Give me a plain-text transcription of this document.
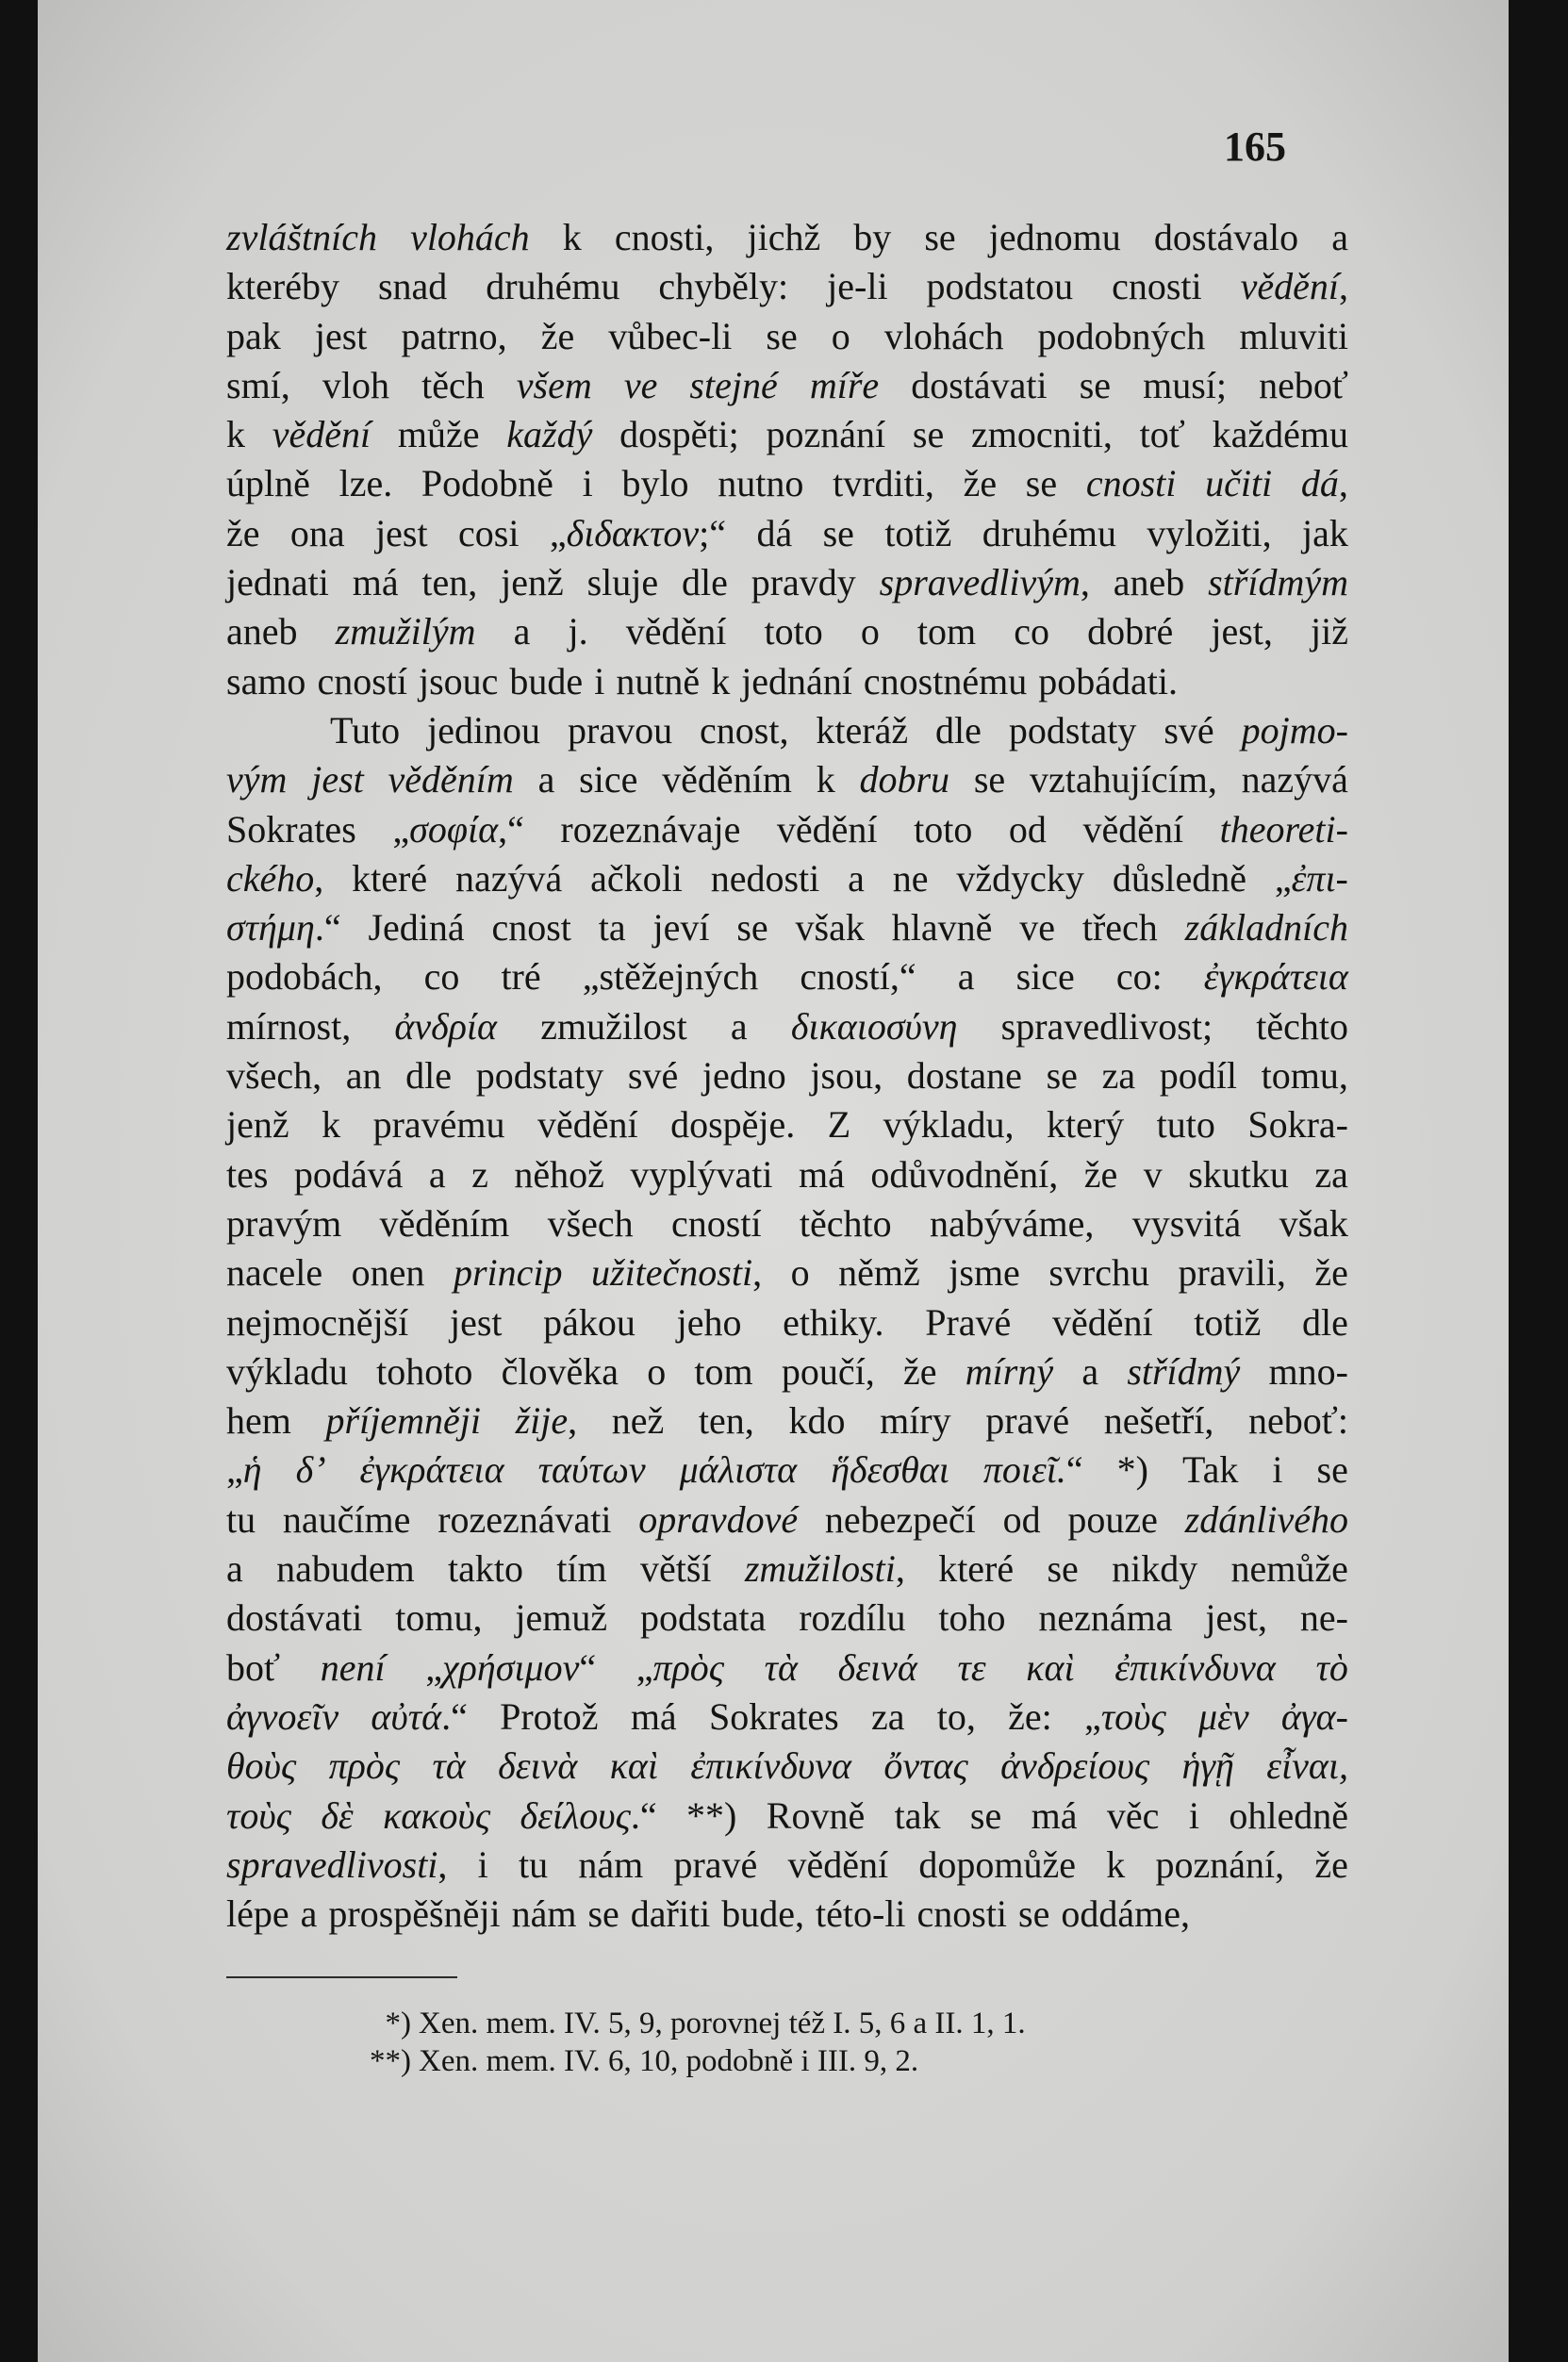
165
zvláštních vlohách k cnosti, jichž by se jednomu dostávalo a
kteréby snad druhému chyběly: je-li podstatou cnosti vědění,
pak jest patrno, že vůbec-li se o vlohách podobných mluviti
smí, vloh těch všem ve stejné míře dostávati se musí; neboť
k vědění může každý dospěti; poznání se zmocniti, toť každému
úplně lze. Podobně i bylo nutno tvrditi, že se cnosti učiti dá,
že ona jest cosi „διδακτον;“ dá se totiž druhému vyložiti, jak
jednati má ten, jenž sluje dle pravdy spravedlivým, aneb střídmým
aneb zmužilým a j. vědění toto o tom co dobré jest, již
samo cností jsouc bude i nutně k jednání cnostnému pobádati.
Tuto jedinou pravou cnost, kteráž dle podstaty své pojmo-
vým jest věděním a sice věděním k dobru se vztahujícím, nazývá
Sokrates „σοφία,“ rozeznávaje vědění toto od vědění theoreti-
ckého, které nazývá ačkoli nedosti a ne vždycky důsledně „ἐπι-
στήμη.“ Jediná cnost ta jeví se však hlavně ve třech základních
podobách, co tré „stěžejných cností,“ a sice co: ἐγκράτεια
mírnost, ἀνδρία zmužilost a δικαιοσύνη spravedlivost; těchto
všech, an dle podstaty své jedno jsou, dostane se za podíl tomu,
jenž k pravému vědění dospěje. Z výkladu, který tuto Sokra-
tes podává a z něhož vyplývati má odůvodnění, že v skutku za
pravým věděním všech cností těchto nabýváme, vysvitá však
nacele onen princip užitečnosti, o němž jsme svrchu pravili, že
nejmocnější jest pákou jeho ethiky. Pravé vědění totiž dle
výkladu tohoto člověka o tom poučí, že mírný a střídmý mno-
hem příjemněji žije, než ten, kdo míry pravé nešetří, neboť:
„ἡ δ’ ἐγκράτεια ταύτων μάλιστα ἥδεσθαι ποιεῖ.“ *) Tak i se
tu naučíme rozeznávati opravdové nebezpečí od pouze zdánlivého
a nabudem takto tím větší zmužilosti, které se nikdy nemůže
dostávati tomu, jemuž podstata rozdílu toho neznáma jest, ne-
boť není „χρήσιμον“ „πρὸς τὰ δεινά τε καὶ ἐπικίνδυνα τὸ
ἀγνοεῖν αὐτά.“ Protož má Sokrates za to, že: „τοὺς μὲν ἀγα-
θοὺς πρὸς τὰ δεινὰ καὶ ἐπικίνδυνα ὄντας ἀνδρείους ἡγῇ εἶναι,
τοὺς δὲ κακοὺς δείλους.“ **) Rovně tak se má věc i ohledně
spravedlivosti, i tu nám pravé vědění dopomůže k poznání, že
lépe a prospěšněji nám se dařiti bude, této-li cnosti se oddáme,
*) Xen. mem. IV. 5, 9, porovnej též I. 5, 6 a II. 1, 1.
**) Xen. mem. IV. 6, 10, podobně i III. 9, 2.
